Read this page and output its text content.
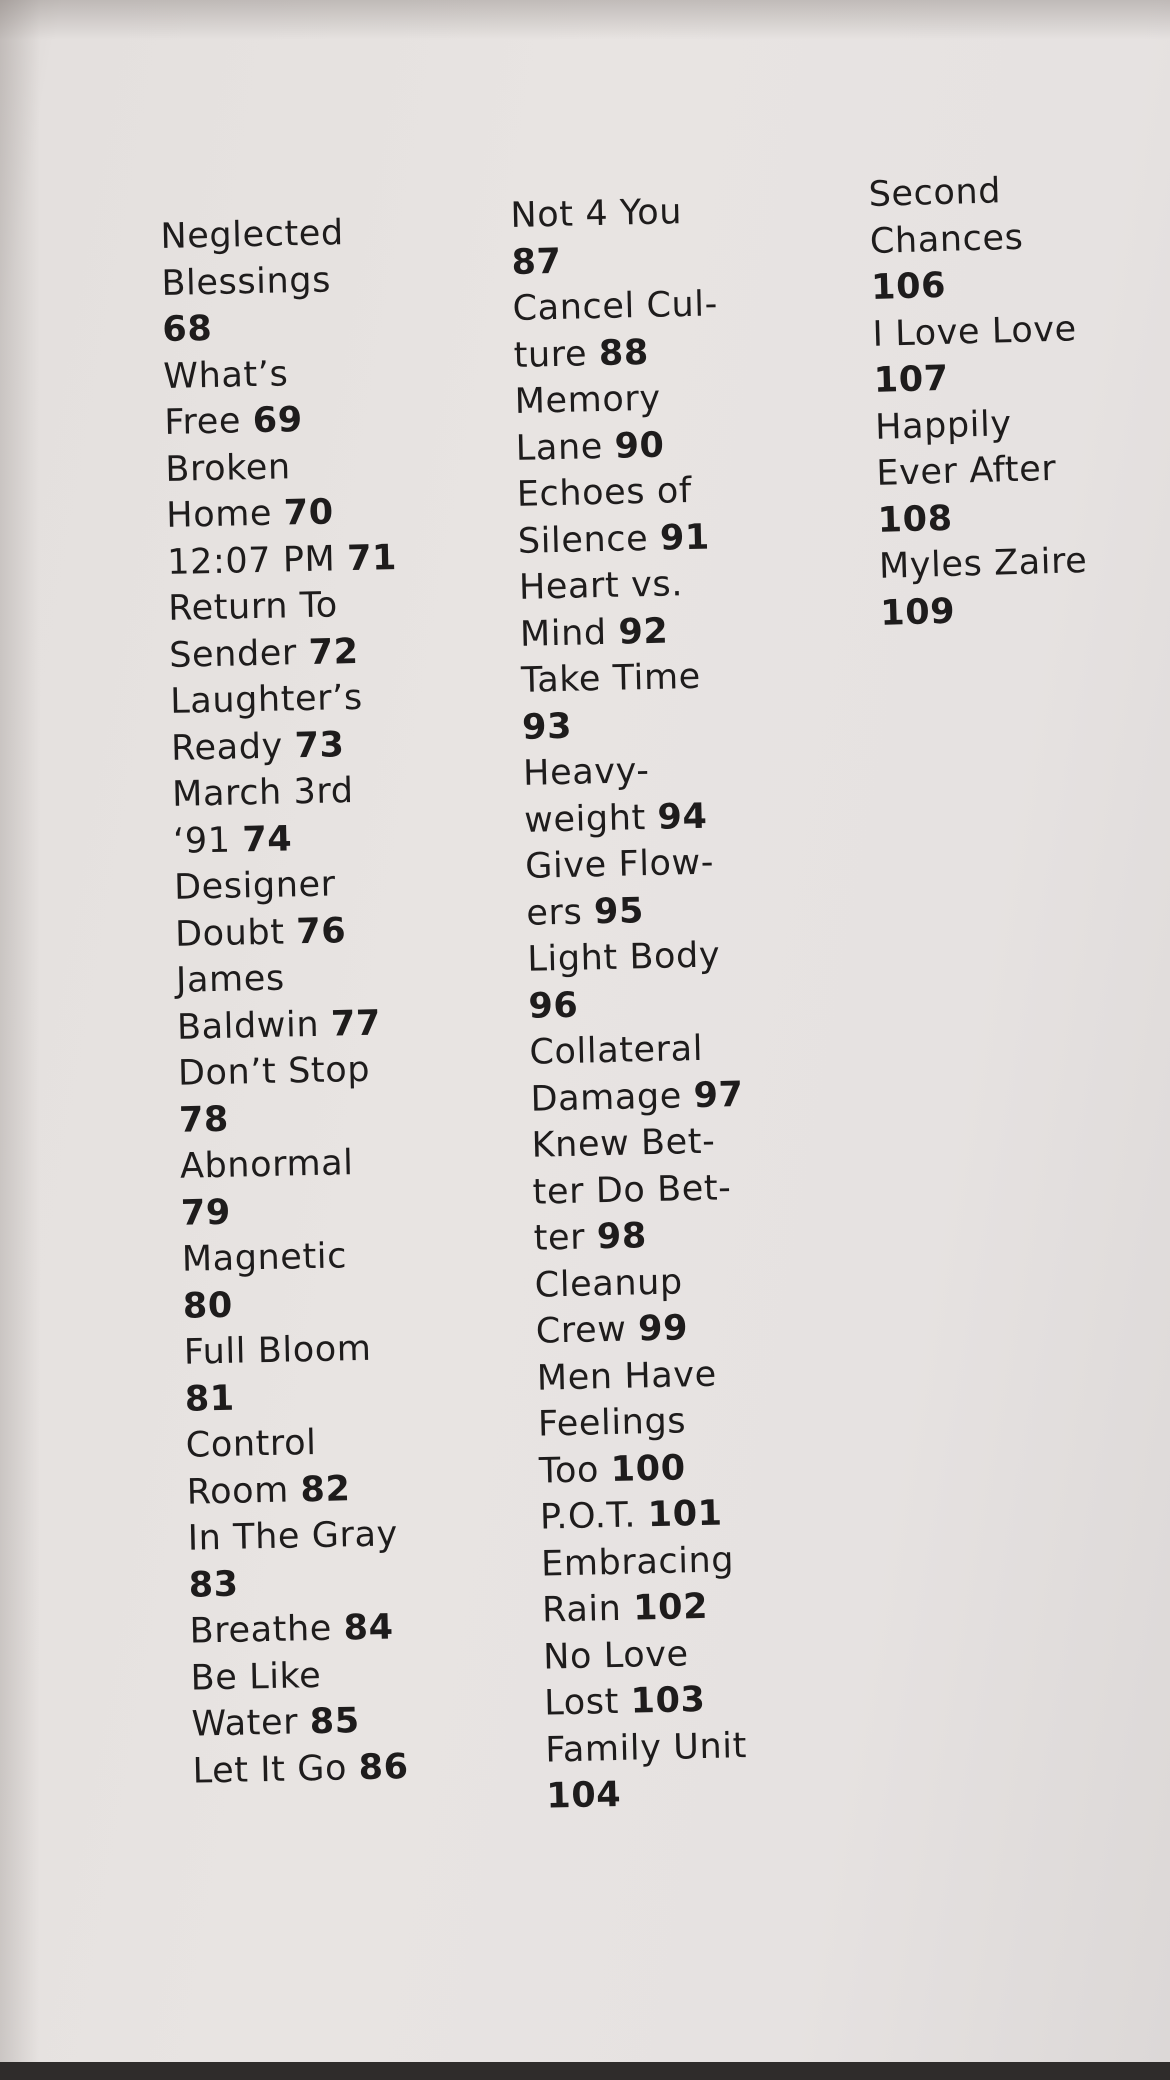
Neglected
Blessings
68
What’s
Free 69
Broken
Home 70
12:07 PM 71
Return To
Sender 72
Laughter’s
Ready 73
March 3rd
‘91 74
Designer
Doubt 76
James
Baldwin 77
Don’t Stop
78
Abnormal
79
Magnetic
80
Full Bloom
81
Control
Room 82
In The Gray
83
Breathe 84
Be Like
Water 85
Let It Go 86
Not 4 You
87
Cancel Cul-
ture 88
Memory
Lane 90
Echoes of
Silence 91
Heart vs.
Mind 92
Take Time
93
Heavy-
weight 94
Give Flow-
ers 95
Light Body
96
Collateral
Damage 97
Knew Bet-
ter Do Bet-
ter 98
Cleanup
Crew 99
Men Have
Feelings
Too 100
P.O.T. 101
Embracing
Rain 102
No Love
Lost 103
Family Unit
104
Second
Chances
106
I Love Love
107
Happily
Ever After
108
Myles Zaire
109
